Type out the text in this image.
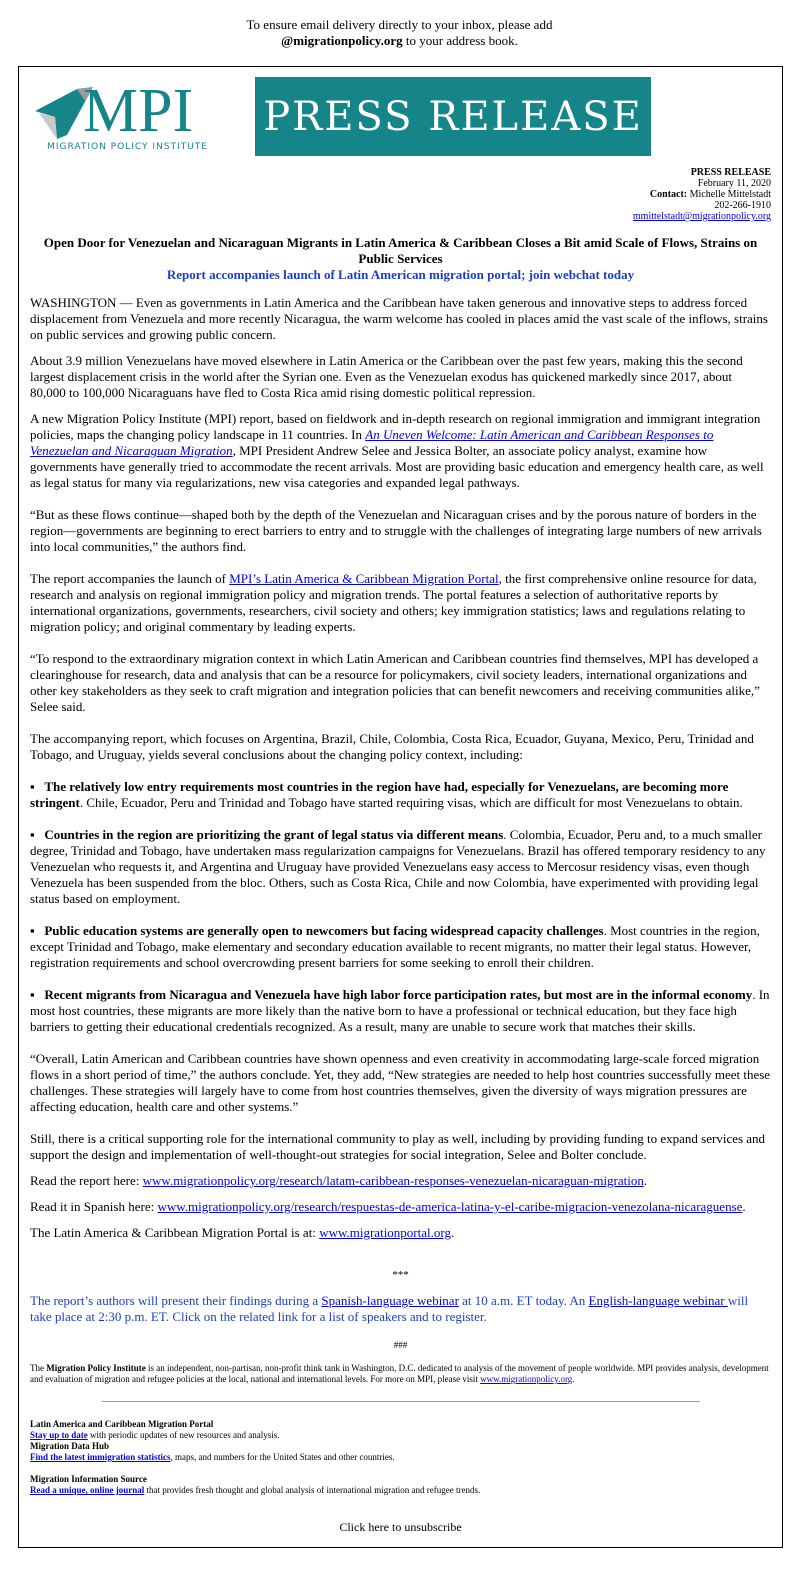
To ensure email delivery directly to your inbox, please add
@migrationpolicy.org to your address book.
MPI
MIGRATION POLICY INSTITUTE
PRESS RELEASE
PRESS RELEASE
February 11, 2020
Contact: Michelle Mittelstadt
202-266-1910
mmittelstadt@migrationpolicy.org

Open Door for Venezuelan and Nicaraguan Migrants in Latin America & Caribbean Closes a Bit amid Scale of Flows, Strains on Public Services

Report accompanies launch of Latin American migration portal; join webchat today

WASHINGTON — Even as governments in Latin America and the Caribbean have taken generous and innovative steps to address forced displacement from Venezuela and more recently Nicaragua, the warm welcome has cooled in places amid the vast scale of the inflows, strains on public services and growing public concern.

About 3.9 million Venezuelans have moved elsewhere in Latin America or the Caribbean over the past few years, making this the second largest displacement crisis in the world after the Syrian one. Even as the Venezuelan exodus has quickened markedly since 2017, about 80,000 to 100,000 Nicaraguans have fled to Costa Rica amid rising domestic political repression.

A new Migration Policy Institute (MPI) report, based on fieldwork and in-depth research on regional immigration and immigrant integration policies, maps the changing policy landscape in 11 countries. In An Uneven Welcome: Latin American and Caribbean Responses to Venezuelan and Nicaraguan Migration, MPI President Andrew Selee and Jessica Bolter, an associate policy analyst, examine how governments have generally tried to accommodate the recent arrivals. Most are providing basic education and emergency health care, as well as legal status for many via regularizations, new visa categories and expanded legal pathways.

“But as these flows continue—shaped both by the depth of the Venezuelan and Nicaraguan crises and by the porous nature of borders in the region—governments are beginning to erect barriers to entry and to struggle with the challenges of integrating large numbers of new arrivals into local communities,” the authors find.

The report accompanies the launch of MPI’s Latin America & Caribbean Migration Portal, the first comprehensive online resource for data, research and analysis on regional immigration policy and migration trends. The portal features a selection of authoritative reports by international organizations, governments, researchers, civil society and others; key immigration statistics; laws and regulations relating to migration policy; and original commentary by leading experts.

“To respond to the extraordinary migration context in which Latin American and Caribbean countries find themselves, MPI has developed a clearinghouse for research, data and analysis that can be a resource for policymakers, civil society leaders, international organizations and other key stakeholders as they seek to craft migration and integration policies that can benefit newcomers and receiving communities alike,” Selee said.

The accompanying report, which focuses on Argentina, Brazil, Chile, Colombia, Costa Rica, Ecuador, Guyana, Mexico, Peru, Trinidad and Tobago, and Uruguay, yields several conclusions about the changing policy context, including:

▪ The relatively low entry requirements most countries in the region have had, especially for Venezuelans, are becoming more stringent. Chile, Ecuador, Peru and Trinidad and Tobago have started requiring visas, which are difficult for most Venezuelans to obtain.

▪ Countries in the region are prioritizing the grant of legal status via different means. Colombia, Ecuador, Peru and, to a much smaller degree, Trinidad and Tobago, have undertaken mass regularization campaigns for Venezuelans. Brazil has offered temporary residency to any Venezuelan who requests it, and Argentina and Uruguay have provided Venezuelans easy access to Mercosur residency visas, even though Venezuela has been suspended from the bloc. Others, such as Costa Rica, Chile and now Colombia, have experimented with providing legal status based on employment.

▪ Public education systems are generally open to newcomers but facing widespread capacity challenges. Most countries in the region, except Trinidad and Tobago, make elementary and secondary education available to recent migrants, no matter their legal status. However, registration requirements and school overcrowding present barriers for some seeking to enroll their children.

▪ Recent migrants from Nicaragua and Venezuela have high labor force participation rates, but most are in the informal economy. In most host countries, these migrants are more likely than the native born to have a professional or technical education, but they face high barriers to getting their educational credentials recognized. As a result, many are unable to secure work that matches their skills.

“Overall, Latin American and Caribbean countries have shown openness and even creativity in accommodating large-scale forced migration flows in a short period of time,” the authors conclude. Yet, they add, “New strategies are needed to help host countries successfully meet these challenges. These strategies will largely have to come from host countries themselves, given the diversity of ways migration pressures are affecting education, health care and other systems.”

Still, there is a critical supporting role for the international community to play as well, including by providing funding to expand services and support the design and implementation of well-thought-out strategies for social integration, Selee and Bolter conclude.

Read the report here: www.migrationpolicy.org/research/latam-caribbean-responses-venezuelan-nicaraguan-migration.

Read it in Spanish here: www.migrationpolicy.org/research/respuestas-de-america-latina-y-el-caribe-migracion-venezolana-nicaraguense.

The Latin America & Caribbean Migration Portal is at: www.migrationportal.org.

***

The report’s authors will present their findings during a Spanish-language webinar at 10 a.m. ET today. An English-language webinar will take place at 2:30 p.m. ET. Click on the related link for a list of speakers and to register.

###

The Migration Policy Institute is an independent, non-partisan, non-profit think tank in Washington, D.C. dedicated to analysis of the movement of people worldwide. MPI provides analysis, development and evaluation of migration and refugee policies at the local, national and international levels. For more on MPI, please visit www.migrationpolicy.org.

Latin America and Caribbean Migration Portal
Stay up to date with periodic updates of new resources and analysis.
Migration Data Hub
Find the latest immigration statistics, maps, and numbers for the United States and other countries.
Migration Information Source
Read a unique, online journal that provides fresh thought and global analysis of international migration and refugee trends.

Click here to unsubscribe
